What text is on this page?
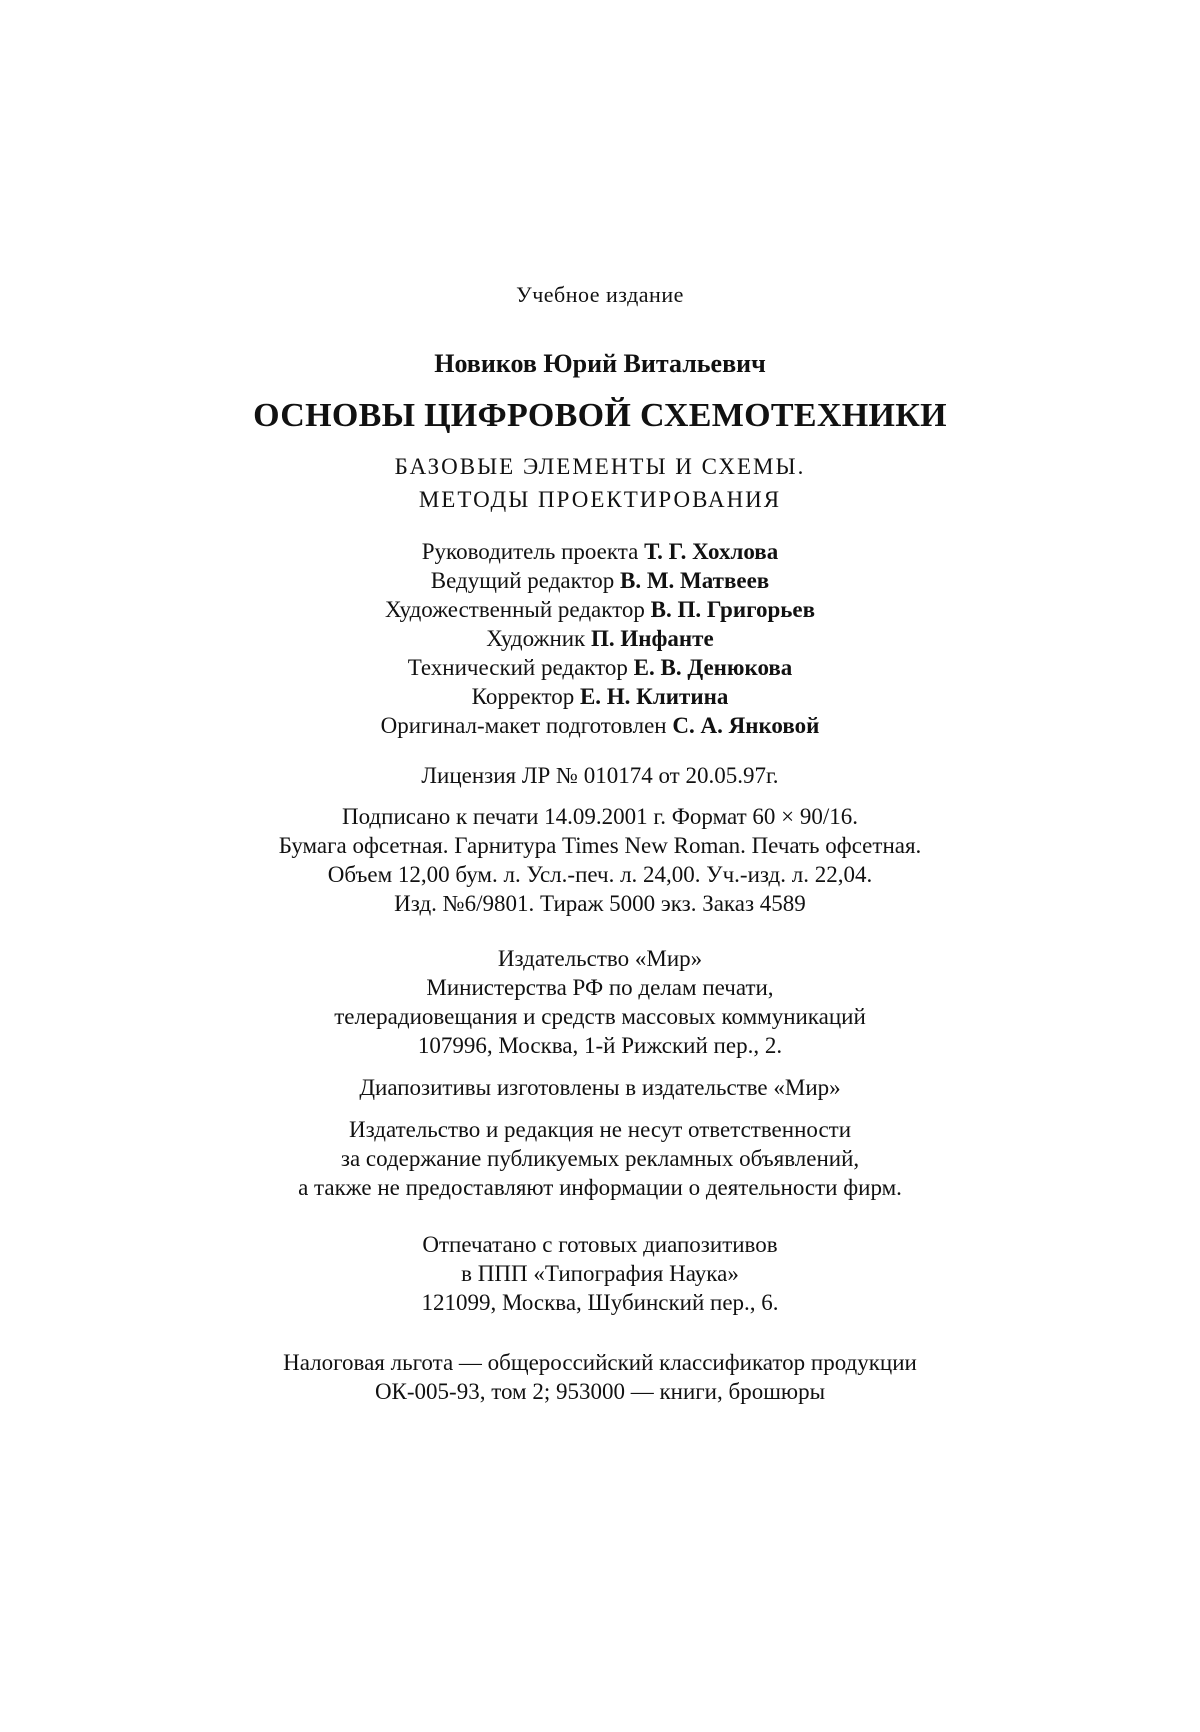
Учебное издание
Новиков Юрий Витальевич
ОСНОВЫ ЦИФРОВОЙ СХЕМОТЕХНИКИ
БАЗОВЫЕ ЭЛЕМЕНТЫ И СХЕМЫ.
МЕТОДЫ ПРОЕКТИРОВАНИЯ
Руководитель проекта Т. Г. Хохлова
Ведущий редактор В. М. Матвеев
Художественный редактор В. П. Григорьев
Художник П. Инфанте
Технический редактор Е. В. Денюкова
Корректор Е. Н. Клитина
Оригинал-макет подготовлен С. А. Янковой
Лицензия ЛР № 010174 от 20.05.97г.
Подписано к печати 14.09.2001 г. Формат 60 × 90/16.
Бумага офсетная. Гарнитура Times New Roman. Печать офсетная.
Объем 12,00 бум. л. Усл.-печ. л. 24,00. Уч.-изд. л. 22,04.
Изд. №6/9801. Тираж 5000 экз. Заказ 4589
Издательство «Мир»
Министерства РФ по делам печати,
телерадиовещания и средств массовых коммуникаций
107996, Москва, 1-й Рижский пер., 2.
Диапозитивы изготовлены в издательстве «Мир»
Издательство и редакция не несут ответственности
за содержание публикуемых рекламных объявлений,
а также не предоставляют информации о деятельности фирм.
Отпечатано с готовых диапозитивов
в ППП «Типография Наука»
121099, Москва, Шубинский пер., 6.
Налоговая льгота — общероссийский классификатор продукции
ОК-005-93, том 2; 953000 — книги, брошюры
